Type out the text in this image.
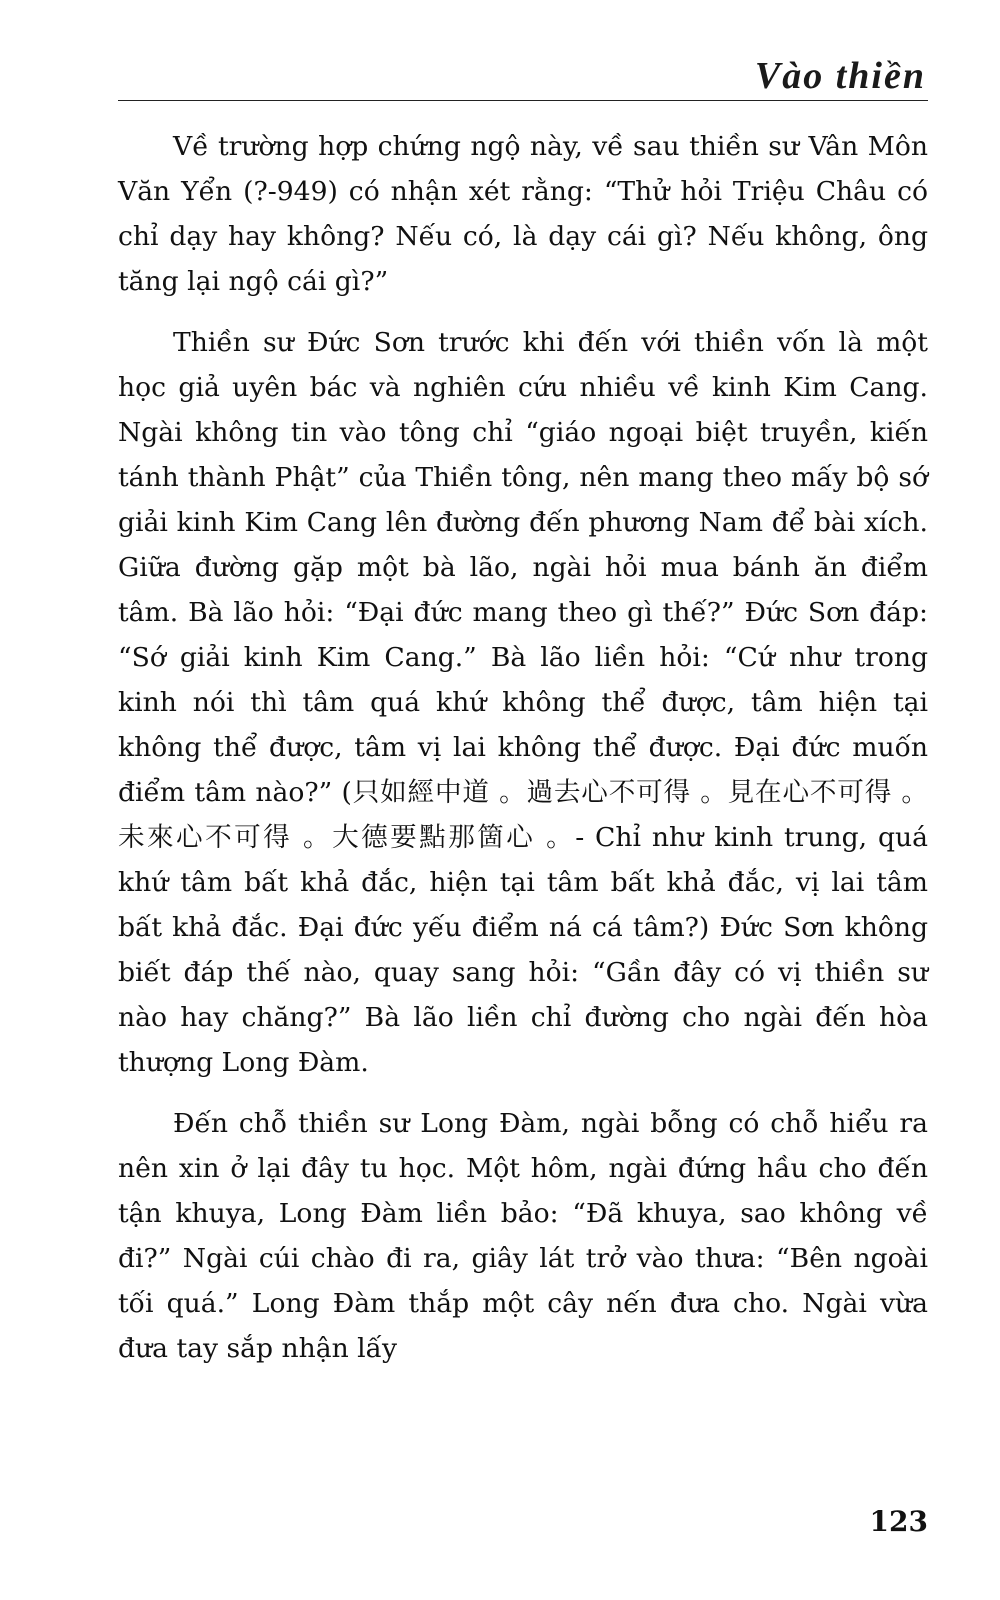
Vào thiền

Về trường hợp chứng ngộ này, về sau thiền sư Vân Môn Văn Yển (?-949) có nhận xét rằng: “Thử hỏi Triệu Châu có chỉ dạy hay không? Nếu có, là dạy cái gì? Nếu không, ông tăng lại ngộ cái gì?”

Thiền sư Đức Sơn trước khi đến với thiền vốn là một học giả uyên bác và nghiên cứu nhiều về kinh Kim Cang. Ngài không tin vào tông chỉ “giáo ngoại biệt truyền, kiến tánh thành Phật” của Thiền tông, nên mang theo mấy bộ sớ giải kinh Kim Cang lên đường đến phương Nam để bài xích. Giữa đường gặp một bà lão, ngài hỏi mua bánh ăn điểm tâm. Bà lão hỏi: “Đại đức mang theo gì thế?” Đức Sơn đáp: “Sớ giải kinh Kim Cang.” Bà lão liền hỏi: “Cứ như trong kinh nói thì tâm quá khứ không thể được, tâm hiện tại không thể được, tâm vị lai không thể được. Đại đức muốn điểm tâm nào?” (只如經中道 。過去心不可得 。見在心不可得 。未來心不可得 。大德要點那箇心 。- Chỉ như kinh trung, quá khứ tâm bất khả đắc, hiện tại tâm bất khả đắc, vị lai tâm bất khả đắc. Đại đức yếu điểm ná cá tâm?) Đức Sơn không biết đáp thế nào, quay sang hỏi: “Gần đây có vị thiền sư nào hay chăng?” Bà lão liền chỉ đường cho ngài đến hòa thượng Long Đàm.

Đến chỗ thiền sư Long Đàm, ngài bỗng có chỗ hiểu ra nên xin ở lại đây tu học. Một hôm, ngài đứng hầu cho đến tận khuya, Long Đàm liền bảo: “Đã khuya, sao không về đi?” Ngài cúi chào đi ra, giây lát trở vào thưa: “Bên ngoài tối quá.” Long Đàm thắp một cây nến đưa cho. Ngài vừa đưa tay sắp nhận lấy

123
